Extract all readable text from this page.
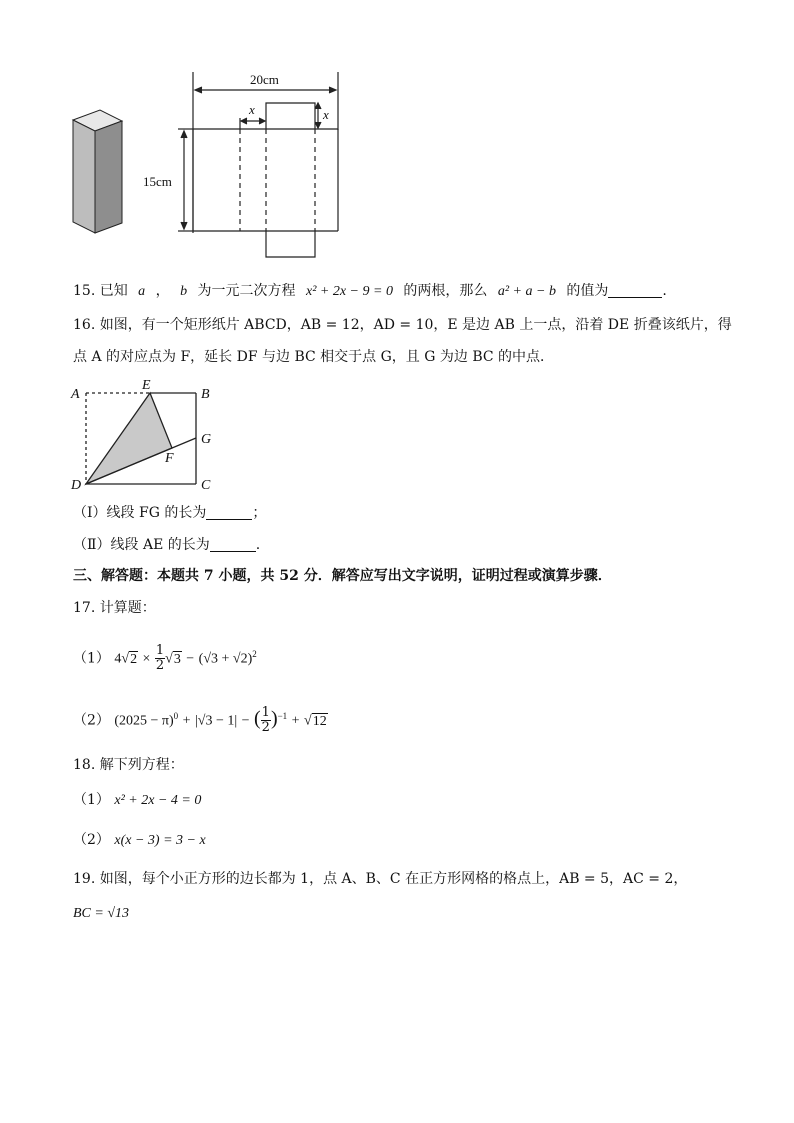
20cm
15cm
x	x
15. 已知 a ， b 为一元二次方程 x² + 2x − 9 = 0 的两根，那么 a² + a − b 的值为	.
16. 如图，有一个矩形纸片 ABCD，AB = 12，AD = 10，E 是边 AB 上一点，沿着 DE 折叠该纸片，得
点 A 的对应点为 F，延长 DF 与边 BC 相交于点 G，且 G 为边 BC 的中点．
A
E
B
G
F
D	C
（Ⅰ）线段 FG 的长为	；
（Ⅱ）线段 AE 的长为	.
三、解答题：本题共 7 小题，共 52 分．解答应写出文字说明，证明过程或演算步骤．
17. 计算题：
（1） $4√2 \times \frac{1}{2} √3 - (√3 + √2)^2$
（2） $(2025 - \pi)^0 + |√3 - 1|$ − ( $\frac{1}{2} )^{-1} + √12$
18. 解下列方程：
（1） x² + 2x − 4 = 0
（2） x(x − 3) = 3 − x
19. 如图，每个小正方形的边长都为 1，点 A、B、C 在正方形网格的格点上，AB = 5，AC = 2，
BC = √13
